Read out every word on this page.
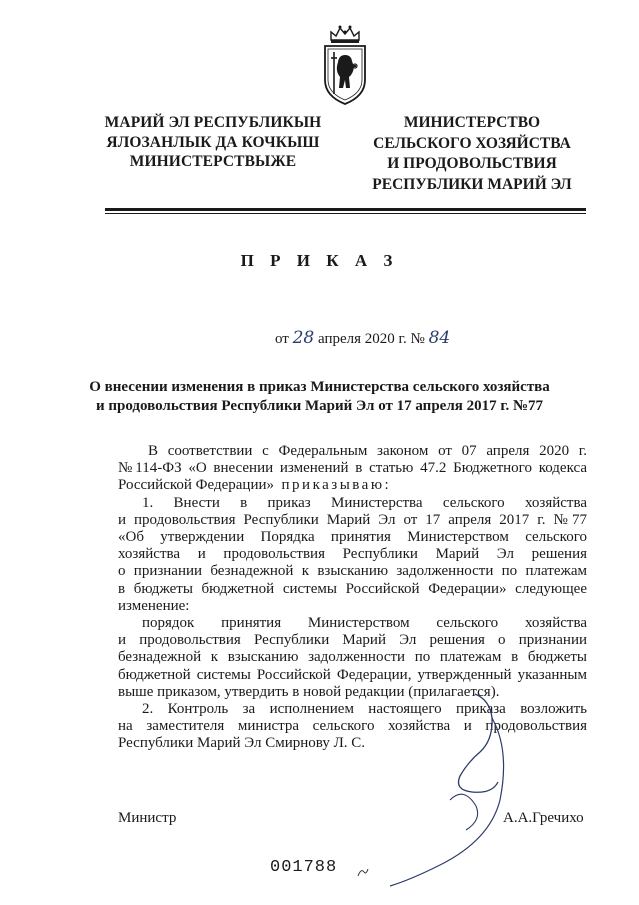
МАРИЙ ЭЛ РЕСПУБЛИКЫН

ЯЛОЗАНЛЫК ДА КОЧКЫШ

МИНИСТЕРСТВЫЖЕ

МИНИСТЕРСТВО

СЕЛЬСКОГО ХОЗЯЙСТВА

И ПРОДОВОЛЬСТВИЯ

РЕСПУБЛИКИ МАРИЙ ЭЛ

П Р И К А З
от 28 апреля 2020 г. № 84

О внесении изменения в приказ Министерства сельского хозяйства

и продовольствия Республики Марий Эл от 17 апреля 2017 г. №77

В соответствии с Федеральным законом от 07 апреля 2020 г.
№114-ФЗ «О внесении изменений в статью 47.2 Бюджетного кодекса
Российской Федерации» приказываю:
1. Внести в приказ Министерства сельского хозяйства
и продовольствия Республики Марий Эл от 17 апреля 2017 г. №77
«Об утверждении Порядка принятия Министерством сельского
хозяйства и продовольствия Республики Марий Эл решения
о признании безнадежной к взысканию задолженности по платежам
в бюджеты бюджетной системы Российской Федерации» следующее
изменение:
порядок принятия Министерством сельского хозяйства
и продовольствия Республики Марий Эл решения о признании
безнадежной к взысканию задолженности по платежам в бюджеты
бюджетной системы Российской Федерации, утвержденный указанным
выше приказом, утвердить в новой редакции (прилагается).
2. Контроль за исполнением настоящего приказа возложить
на заместителя министра сельского хозяйства и продовольствия
Республики Марий Эл Смирнову Л. С.
Министр	А.А.Гречихо
001788
